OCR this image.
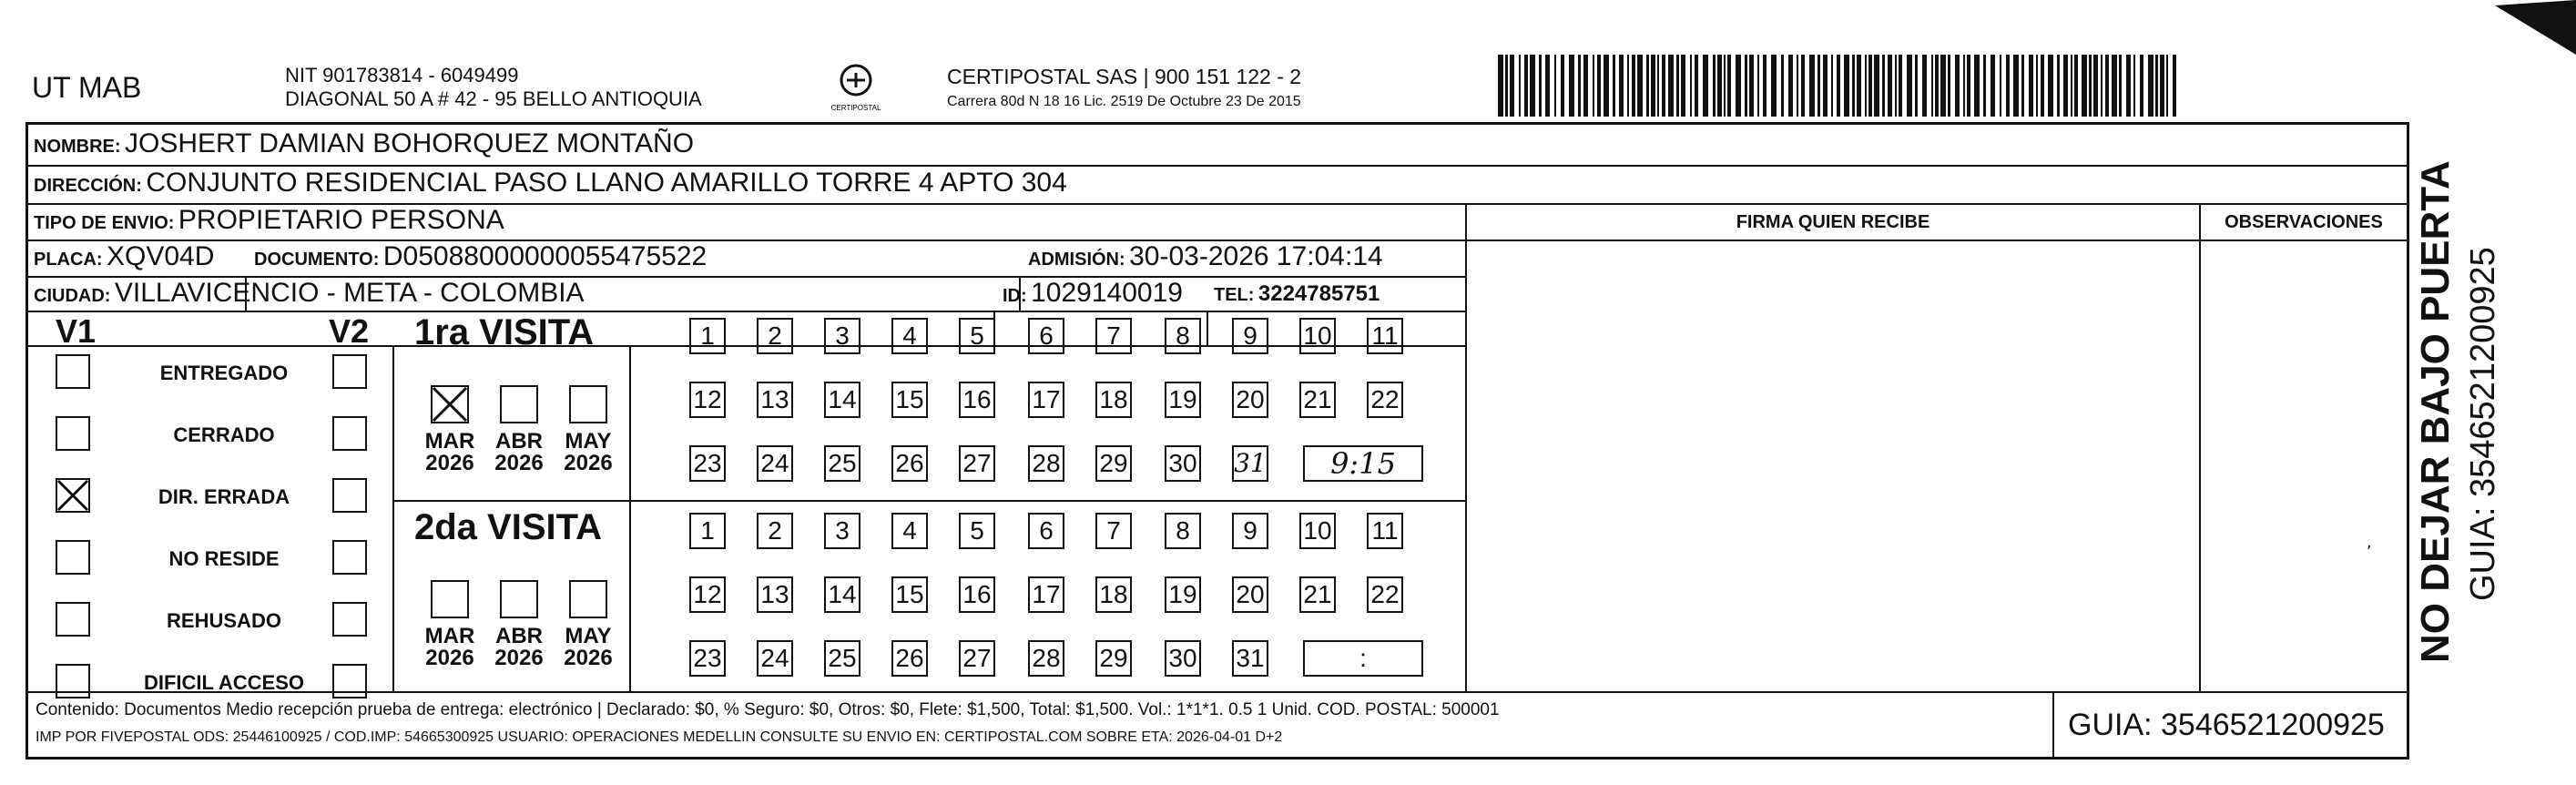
UT MAB	NIT 901783814 - 6049499
DIAGONAL 50 A # 42 - 95 BELLO ANTIOQUIA	CERTIPOSTAL
CERTIPOSTAL SAS | 900 151 122 - 2
Carrera 80d N 18 16 Lic. 2519 De Octubre 23 De 2015
NOMBRE: JOSHERT DAMIAN BOHORQUEZ MONTAÑO
DIRECCIÓN: CONJUNTO RESIDENCIAL PASO LLANO AMARILLO TORRE 4 APTO 304
TIPO DE ENVIO: PROPIETARIO PERSONA	FIRMA QUIEN RECIBE	OBSERVACIONES
PLACA: XQV04D DOCUMENTO: D05088000000055475522	ADMISIÓN: 30-03-2026 17:04:14
CIUDAD: VILLAVICENCIO - META - COLOMBIA	ID: 1029140019 TEL: 3224785751
V1	V2
ENTREGADO
CERRADO
DIR. ERRADA
NO RESIDE
REHUSADO
DIFICIL ACCESO
1ra VISITA
2da VISITA
MAR
2026
ABR
2026
MAY
2026
MAR
2026
ABR
2026
MAY
2026
1	2	3	4	5	6	7	8	9	10 11
12 13 14 15 16 17 18 19 20 21 22
23 24 25 26 27 28 29 30 31	9:15
1	2	3	4	5	6	7	8	9	10 11
12 13 14 15 16 17 18 19 20 21 22
23 24 25 26 27 28 29 30 31	:
Contenido: Documentos Medio recepción prueba de entrega: electrónico | Declarado: $0, % Seguro: $0, Otros: $0, Flete: $1,500, Total: $1,500. Vol.: 1*1*1. 0.5 1 Unid. COD. POSTAL: 500001
IMP POR FIVEPOSTAL ODS: 25446100925 / COD.IMP: 54665300925 USUARIO: OPERACIONES MEDELLIN CONSULTE SU ENVIO EN: CERTIPOSTAL.COM SOBRE ETA: 2026-04-01 D+2	GUIA: 3546521200925
, NO DEJAR BAJO PUERTA GUIA: 3546521200925
